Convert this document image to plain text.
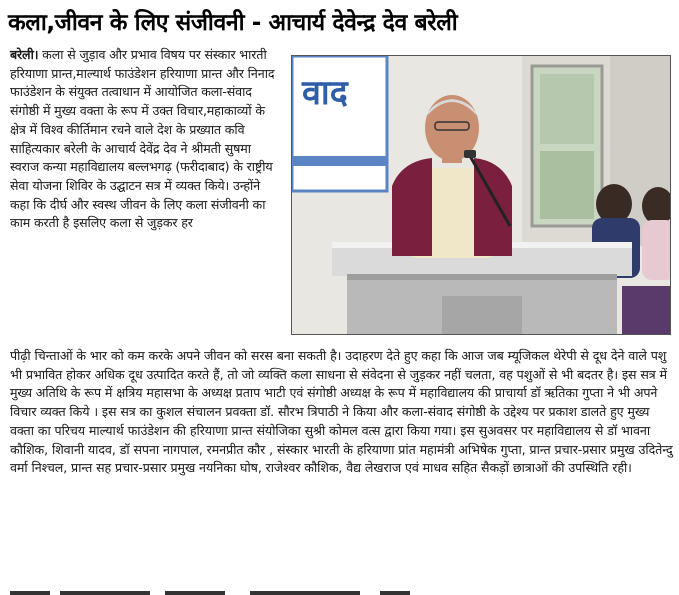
कला,जीवन के लिए संजीवनी - आचार्य देवेन्द्र देव बरेली
बरेली। कला से जुड़ाव और प्रभाव विषय पर संस्कार भारती हरियाणा प्रान्त,माल्यार्थ फाउंडेशन हरियाणा प्रान्त और निनाद फाउंडेशन के संयुक्त तत्वाधान में आयोजित कला-संवाद संगोष्ठी में मुख्य वक्ता के रूप में उक्त विचार,महाकाव्यों के क्षेत्र में विश्व कीर्तिमान रचने वाले देश के प्रख्यात कवि साहित्यकार बरेली के आचार्य देवेंद्र देव ने श्रीमती सुषमा स्वराज कन्या महाविद्यालय बल्लभगढ़ (फरीदाबाद) के राष्ट्रीय सेवा योजना शिविर के उद्घाटन सत्र में व्यक्त किये। उन्होंने कहा कि दीर्घ और स्वस्थ जीवन के लिए कला संजीवनी का काम करती है इसलिए कला से जुड़कर हर
वाद
पीढ़ी चिन्ताओं के भार को कम करके अपने जीवन को सरस बना सकती है। उदाहरण देते हुए कहा कि आज जब म्यूजिकल थेरेपी से दूध देने वाले पशु भी प्रभावित होकर अधिक दूध उत्पादित करते हैं, तो जो व्यक्ति कला साधना से संवेदना से जुड़कर नहीं चलता, वह पशुओं से भी बदतर है। इस सत्र में मुख्य अतिथि के रूप में क्षत्रिय महासभा के अध्यक्ष प्रताप भाटी एवं संगोष्ठी अध्यक्ष के रूप में महाविद्यालय की प्राचार्या डॉ ऋतिका गुप्ता ने भी अपने विचार व्यक्त किये । इस सत्र का कुशल संचालन प्रवक्ता डॉ. सौरभ त्रिपाठी ने किया और कला-संवाद संगोष्ठी के उद्देश्य पर प्रकाश डालते हुए मुख्य वक्ता का परिचय माल्यार्थ फाउंडेशन की हरियाणा प्रान्त संयोजिका सुश्री कोमल वत्स द्वारा किया गया। इस सुअवसर पर महाविद्यालय से डॉ भावना कौशिक, शिवानी यादव, डॉ सपना नागपाल, रमनप्रीत कौर , संस्कार भारती के हरियाणा प्रांत महामंत्री अभिषेक गुप्ता, प्रान्त प्रचार-प्रसार प्रमुख उदितेन्दु वर्मा निश्चल, प्रान्त सह प्रचार-प्रसार प्रमुख नयनिका घोष, राजेश्वर कौशिक, वैद्य लेखराज एवं माधव सहित सैकड़ों छात्राओं की उपस्थिति रही।
